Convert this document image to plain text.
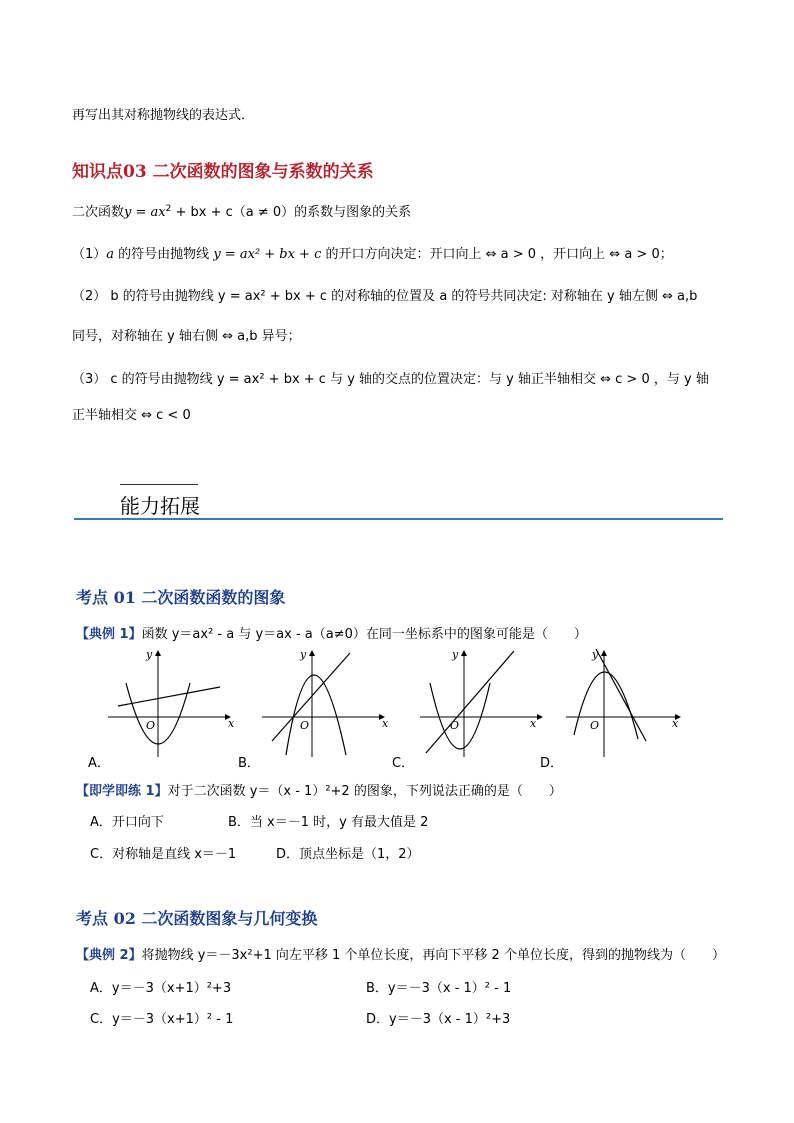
再写出其对称抛物线的表达式．
知识点03 二次函数的图象与系数的关系
二次函数$y = ax^2$ + bx + c（a ≠ 0）的系数与图象的关系
（1）a 的符号由抛物线 y = ax² + bx + c 的开口方向决定：开口向上 ⇔ a > 0 ，开口向上 ⇔ a > 0；
（2） b 的符号由抛物线 y = ax² + bx + c 的对称轴的位置及 a 的符号共同决定: 对称轴在 y 轴左侧 ⇔ a,b
同号，对称轴在 y 轴右侧 ⇔ a,b 异号；
（3） c 的符号由抛物线 y = ax² + bx + c 与 y 轴的交点的位置决定：与 y 轴正半轴相交 ⇔ c > 0 ，与 y 轴
正半轴相交 ⇔ c < 0
能力拓展
考点 01 二次函数函数的图象
【典例 1】函数 y＝ax² - a 与 y＝ax - a（a≠0）在同一坐标系中的图象可能是（　　）
x
y
O	x
y
O	x
y
O	x
y
O
A．	B．	C．	D．
【即学即练 1】对于二次函数 y＝（x - 1）²+2 的图象，下列说法正确的是（　　）
A．开口向下	B．当 x＝－1 时，y 有最大值是 2
C．对称轴是直线 x＝－1	D．顶点坐标是（1，2）
考点 02 二次函数图象与几何变换
【典例 2】将抛物线 y＝－3x²+1 向左平移 1 个单位长度，再向下平移 2 个单位长度，得到的抛物线为（　　）
A．y＝－3（x+1）²+3	B．y＝－3（x - 1）² - 1
C．y＝－3（x+1）² - 1	D．y＝－3（x - 1）²+3
